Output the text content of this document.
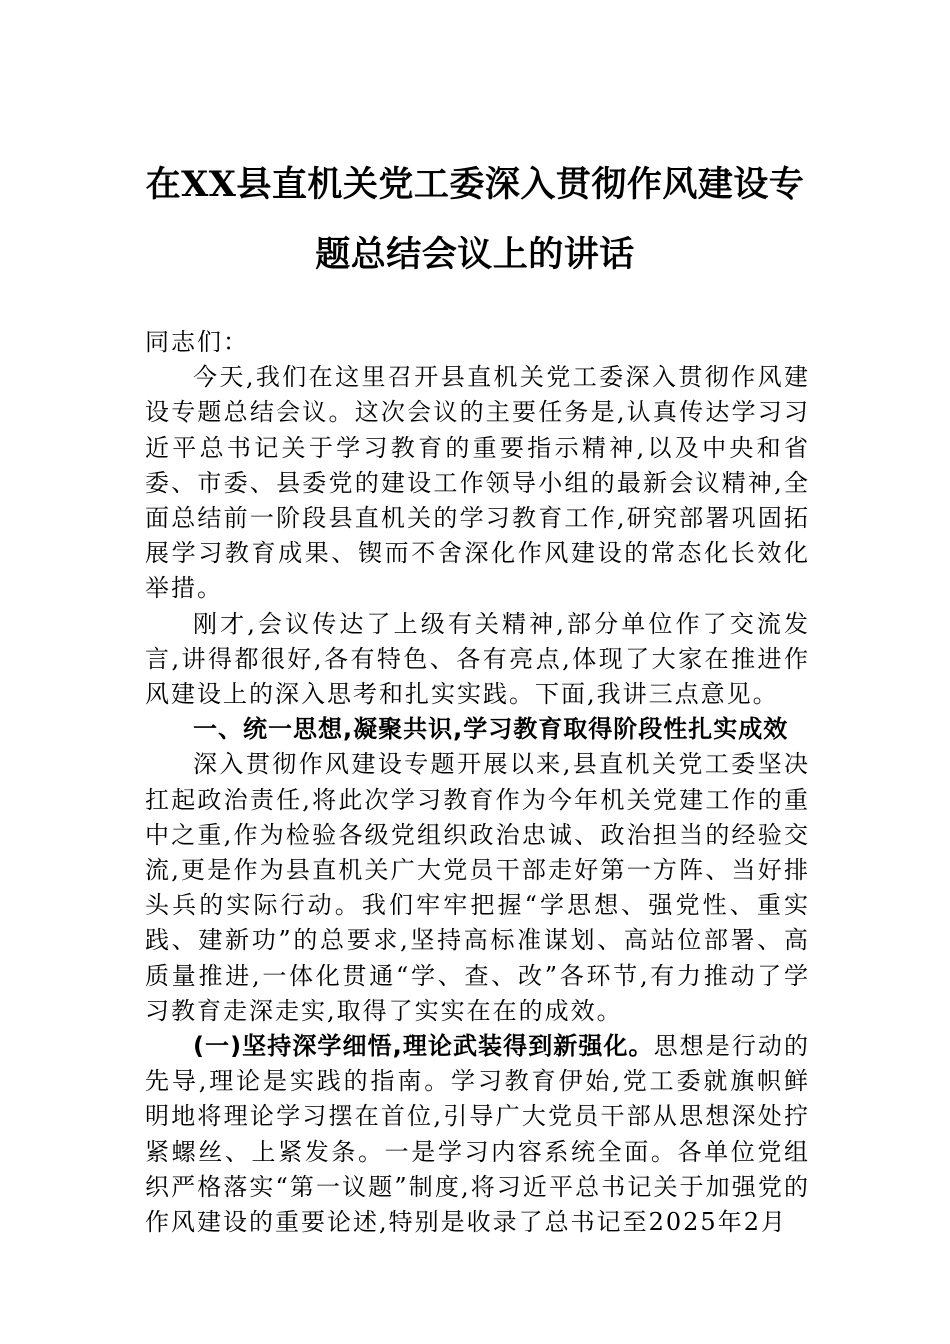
在XX县直机关党工委深入贯彻作风建设专
题总结会议上的讲话

同志们：

今天,我们在这里召开县直机关党工委深入贯彻作风建设专题总结会议。这次会议的主要任务是,认真传达学习习近平总书记关于学习教育的重要指示精神,以及中央和省委、市委、县委党的建设工作领导小组的最新会议精神,全面总结前一阶段县直机关的学习教育工作,研究部署巩固拓展学习教育成果、锲而不舍深化作风建设的常态化长效化举措。

刚才,会议传达了上级有关精神,部分单位作了交流发言,讲得都很好,各有特色、各有亮点,体现了大家在推进作风建设上的深入思考和扎实实践。下面,我讲三点意见。

一、统一思想,凝聚共识,学习教育取得阶段性扎实成效

深入贯彻作风建设专题开展以来,县直机关党工委坚决扛起政治责任,将此次学习教育作为今年机关党建工作的重中之重,作为检验各级党组织政治忠诚、政治担当的经验交流,更是作为县直机关广大党员干部走好第一方阵、当好排头兵的实际行动。我们牢牢把握“学思想、强党性、重实践、建新功”的总要求,坚持高标准谋划、高站位部署、高质量推进,一体化贯通“学、查、改”各环节,有力推动了学习教育走深走实,取得了实实在在的成效。

(一)坚持深学细悟,理论武装得到新强化。思想是行动的先导,理论是实践的指南。学习教育伊始,党工委就旗帜鲜明地将理论学习摆在首位,引导广大党员干部从思想深处拧紧螺丝、上紧发条。一是学习内容系统全面。各单位党组织严格落实“第一议题”制度,将习近平总书记关于加强党的作风建设的重要论述,特别是收录了总书记至2025年2月
